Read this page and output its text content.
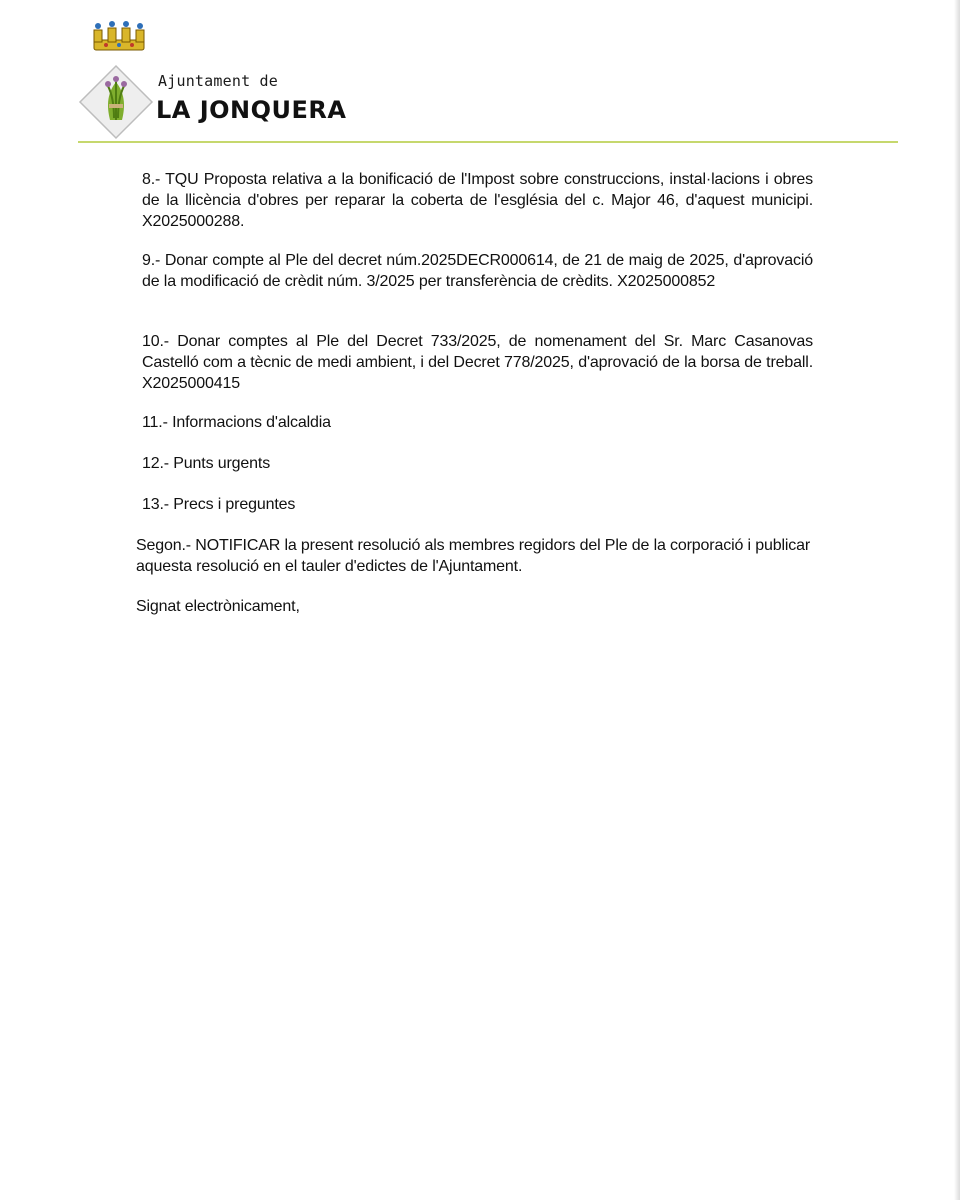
Ajuntament de
LA JONQUERA

8.- TQU Proposta relativa a la bonificació de l'Impost sobre construccions, instal·lacions i obres de la llicència d'obres per reparar la coberta de l'església del c. Major 46, d'aquest municipi. X2025000288.

9.- Donar compte al Ple del decret núm.2025DECR000614, de 21 de maig de 2025, d'aprovació de la modificació de crèdit núm. 3/2025 per transferència de crèdits. X2025000852

10.- Donar comptes al Ple del Decret 733/2025, de nomenament del Sr. Marc Casanovas Castelló com a tècnic de medi ambient, i del Decret 778/2025, d'aprovació de la borsa de treball. X2025000415

11.- Informacions d'alcaldia

12.- Punts urgents

13.- Precs i preguntes

Segon.- NOTIFICAR la present resolució als membres regidors del Ple de la corporació i publicar aquesta resolució en el tauler d'edictes de l'Ajuntament.

Signat electrònicament,
